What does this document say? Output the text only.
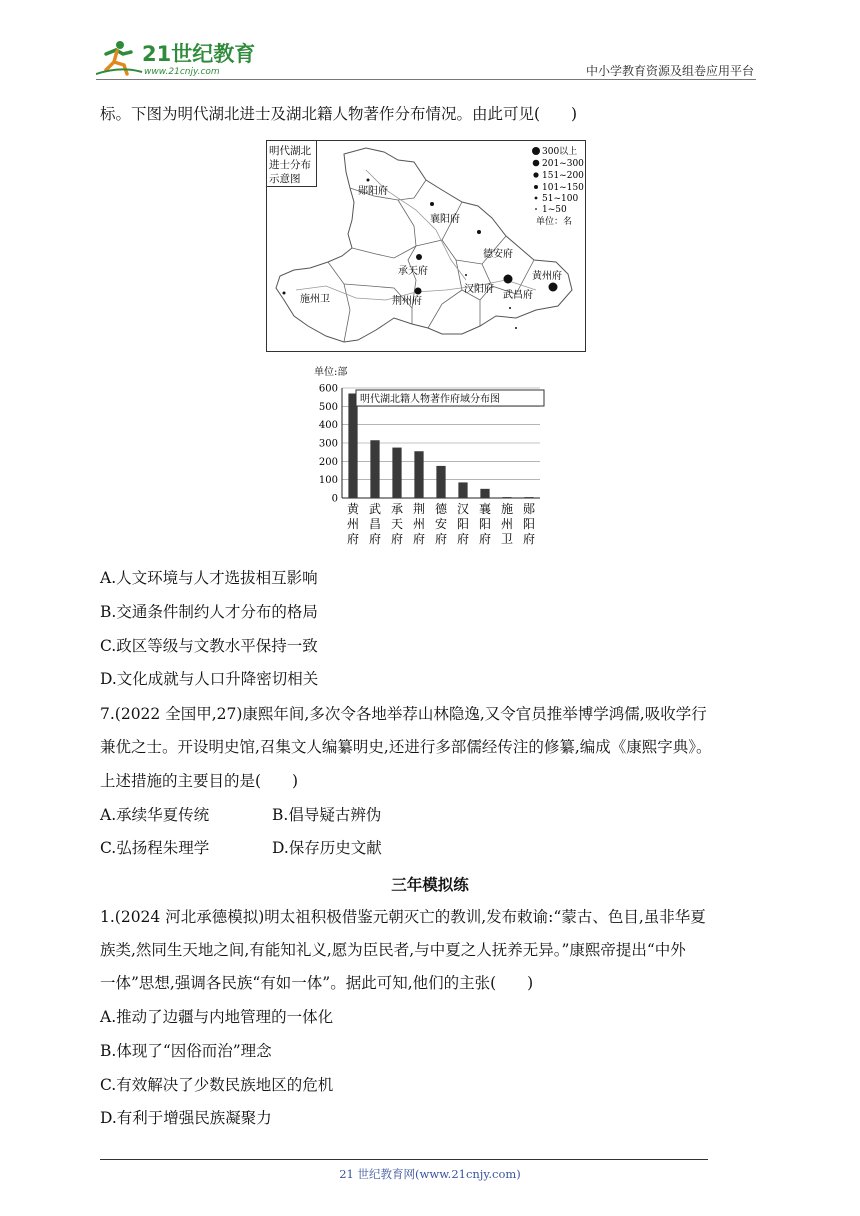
21世纪教育
www.21cnjy.com	中小学教育资源及组卷应用平台
标。下图为明代湖北进士及湖北籍人物著作分布情况。由此可见(　　)
明代湖北
进士分布
示意图
郧阳府
襄阳府
德安府
承天府	黄州府
汉阳府
武昌府
施州卫	荆州府
300以上
201~300
151~200
101~150
51~100
1~50
单位：名
单位:部
0
100
200
300
400
500
600
黄
州
府
武
昌
府
承
天
府
荆
州
府
德
安
府
汉
阳
府
襄
阳
府
施
州
卫
郧
阳
府
明代湖北籍人物著作府域分布图
A.人文环境与人才选拔相互影响
B.交通条件制约人才分布的格局
C.政区等级与文教水平保持一致
D.文化成就与人口升降密切相关
7.(2022 全国甲,27)康熙年间,多次令各地举荐山林隐逸,又令官员推举博学鸿儒,吸收学行
兼优之士。开设明史馆,召集文人编纂明史,还进行多部儒经传注的修纂,编成《康熙字典》。
上述措施的主要目的是(　　)
A.承续华夏传统	B.倡导疑古辨伪
C.弘扬程朱理学	D.保存历史文献
三年模拟练
1.(2024 河北承德模拟)明太祖积极借鉴元朝灭亡的教训,发布敕谕:“蒙古、色目,虽非华夏
族类,然同生天地之间,有能知礼义,愿为臣民者,与中夏之人抚养无异。”康熙帝提出“中外
一体”思想,强调各民族“有如一体”。据此可知,他们的主张(　　)
A.推动了边疆与内地管理的一体化
B.体现了“因俗而治”理念
C.有效解决了少数民族地区的危机
D.有利于增强民族凝聚力
21 世纪教育网(www.21cnjy.com)
